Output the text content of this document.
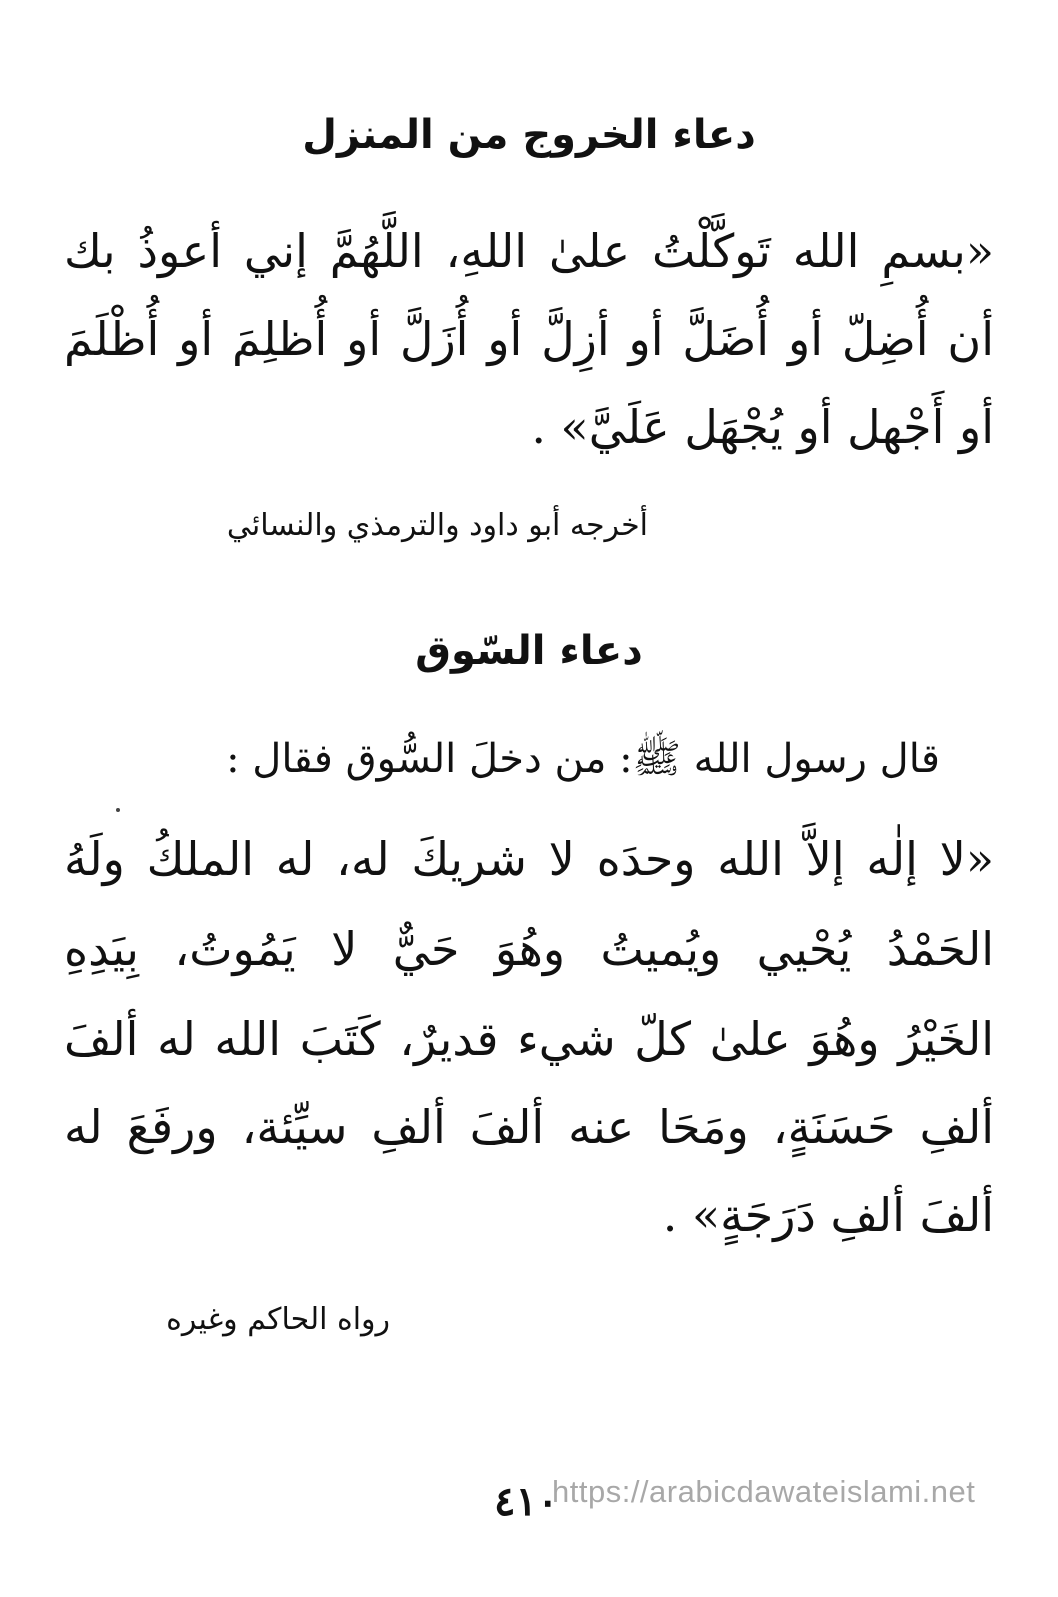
دعاء الخروج من المنزل

«بسمِ الله تَوكَّلْتُ علىٰ اللهِ، اللَّهُمَّ إني أعوذُ بك

أن أُضِلّ أو أُضَلَّ أو أزِلَّ أو أُزَلَّ أو أُظلِمَ أو أُظْلَمَ

أو أَجْهل أو يُجْهَل عَلَيَّ» .

أخرجه أبو داود والترمذي والنسائي

دعاء السّوق

قال رسول الله ﷺ: من دخلَ السُّوق فقال :

«لا إلٰه إلاَّ الله وحدَه لا شريكَ له، له الملكُ ولَهُ

الحَمْدُ يُحْيي ويُميتُ وهُوَ حَيٌّ لا يَمُوتُ، بِيَدِهِ

الخَيْرُ وهُوَ علىٰ كلّ شيء قديرٌ، كَتَبَ الله له ألفَ

ألفِ حَسَنَةٍ، ومَحَا عنه ألفَ ألفِ سيِّئة، ورفَعَ له

ألفَ ألفِ دَرَجَةٍ» .

رواه الحاكم وغيره

٤١٠
https://arabicdawateislami.net
